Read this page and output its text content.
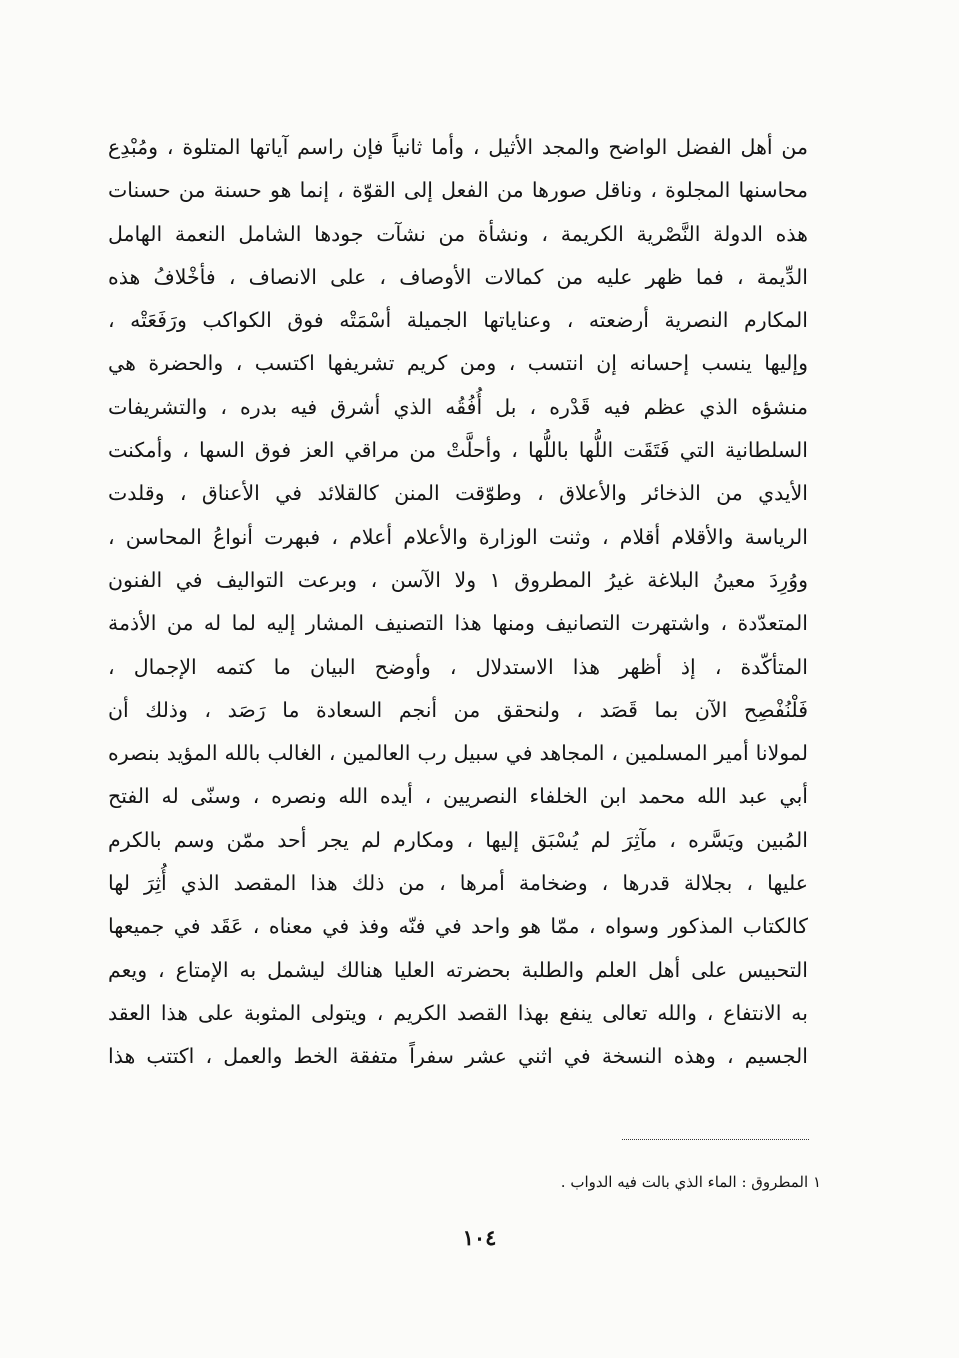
من أهل الفضل الواضح والمجد الأثيل ، وأما ثانياً فإن راسم آياتها المتلوة ، ومُبْدِع
محاسنها المجلوة ، وناقل صورها من الفعل إلى القوّة ، إنما هو حسنة من حسنات
هذه الدولة النَّصْرية الكريمة ، ونشأة من نشآت جودها الشامل النعمة الهامل
الدِّيمة ، فما ظهر عليه من كمالات الأوصاف ، على الانصاف ، فأخْلافُ هذه
المكارم النصرية أرضعته ، وعناياتها الجميلة أسْمَتْه فوق الكواكب ورَفَعَتْه ،
وإليها ينسب إحسانه إن انتسب ، ومن كريم تشريفها اكتسب ، والحضرة هي
منشؤه الذي عظم فيه قَدْره ، بل أُفُقُه الذي أشرق فيه بدره ، والتشريفات
السلطانية التي فَتَقَت اللُّها باللُّها ، وأحلَّتْ من مراقي العز فوق السها ، وأمكنت
الأيدي من الذخائر والأعلاق ، وطوّقت المنن كالقلائد في الأعناق ، وقلدت
الرياسة والأقلام أقلام ، وثنت الوزارة والأعلام أعلام ، فبهرت أنواعُ المحاسن ،
ووُرِدَ معينُ البلاغة غيرُ المطروق ١ ولا الآسن ، وبرعت التواليف في الفنون
المتعدّدة ، واشتهرت التصانيف ومنها هذا التصنيف المشار إليه لما له من الأذمة
المتأكّدة ، إذ أظهر هذا الاستدلال ، وأوضح البيان ما كتمه الإجمال ،
فَلْنُفْصِح الآن بما قَصَد ، ولنحقق من أنجم السعادة ما رَصَد ، وذلك أن
لمولانا أمير المسلمين ، المجاهد في سبيل رب العالمين ، الغالب بالله المؤيد بنصره
أبي عبد الله محمد ابن الخلفاء النصريين ، أيده الله ونصره ، وسنّى له الفتح
المُبين ويَسَّره ، مآثِرَ لم يُسْبَق إليها ، ومكارم لم يجر أحد ممّن وسم بالكرم
عليها ، بجلالة قدرها ، وضخامة أمرها ، من ذلك هذا المقصد الذي أُثِرَ لها
كالكتاب المذكور وسواه ، ممّا هو واحد في فنّه وفذ في معناه ، عَقَد في جميعها
التحبيس على أهل العلم والطلبة بحضرته العليا هنالك ليشمل به الإمتاع ، ويعم
به الانتفاع ، والله تعالى ينفع بهذا القصد الكريم ، ويتولى المثوبة على هذا العقد
الجسيم ، وهذه النسخة في اثني عشر سفراً متفقة الخط والعمل ، اكتتب هذا
١ المطروق : الماء الذي بالت فيه الدواب .
١٠٤
